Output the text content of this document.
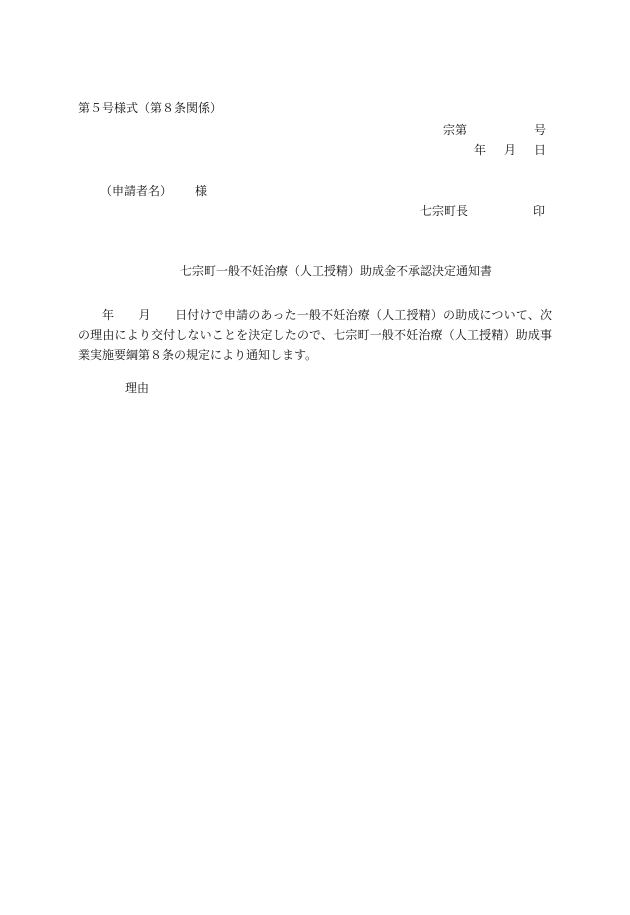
第５号様式（第８条関係）
宗第	号
年 月 日
（申請者名） 様
七宗町長	印
七宗町一般不妊治療（人工授精）助成金不承認決定通知書
年　　月　　日付けで申請のあった一般不妊治療（人工授精）の助成について、次の理由により交付しないことを決定したので、七宗町一般不妊治療（人工授精）助成事業実施要綱第８条の規定により通知します。
理由
